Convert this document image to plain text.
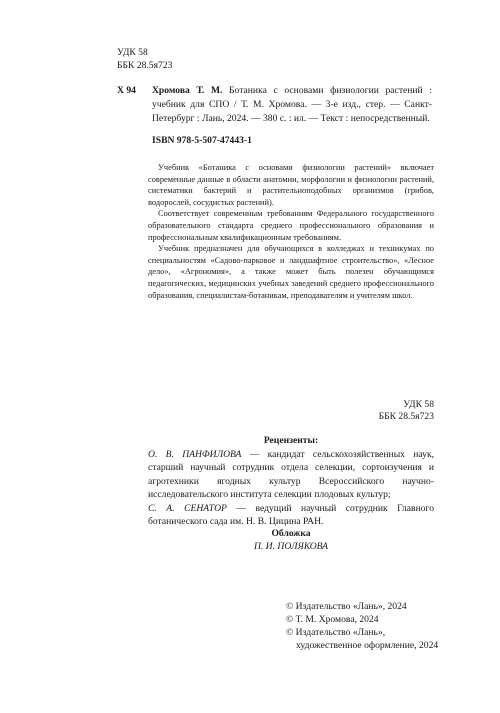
УДК 58
ББК 28.5я723
Х 94 Хромова Т. М. Ботаника с основами физиологии растений : учебник для СПО / Т. М. Хромова. — 3-е изд., стер. — Санкт-Петербург : Лань, 2024. — 380 с. : ил. — Текст : непосредственный.
ISBN 978-5-507-47443-1
Учебник «Ботаника с основами физиологии растений» включает современные данные в области анатомии, морфологии и физиологии растений, систематики бактерий и растительноподобных организмов (грибов, водорослей, сосудистых растений).
Соответствует современным требованиям Федерального государственного образовательного стандарта среднего профессионального образования и профессиональным квалификационным требованиям.
Учебник предназначен для обучающихся в колледжах и техникумах по специальностям «Садово-парковое и ландшафтное строительство», «Лесное дело», «Агрономия», а также может быть полезен обучающимся педагогических, медицинских учебных заведений среднего профессионального образования, специалистам-ботаникам, преподавателям и учителям школ.
УДК 58
ББК 28.5я723
Рецензенты:
О. В. ПАНФИЛОВА — кандидат сельскохозяйственных наук, старший научный сотрудник отдела селекции, сортоизучения и агротехники ягодных культур Всероссийского научно-исследовательского института селекции плодовых культур;
С. А. СЕНАТОР — ведущий научный сотрудник Главного ботанического сада им. Н. В. Цицина РАН.
Обложка
П. И. ПОЛЯКОВА
© Издательство «Лань», 2024
© Т. М. Хромова, 2024
© Издательство «Лань»,
художественное оформление, 2024
